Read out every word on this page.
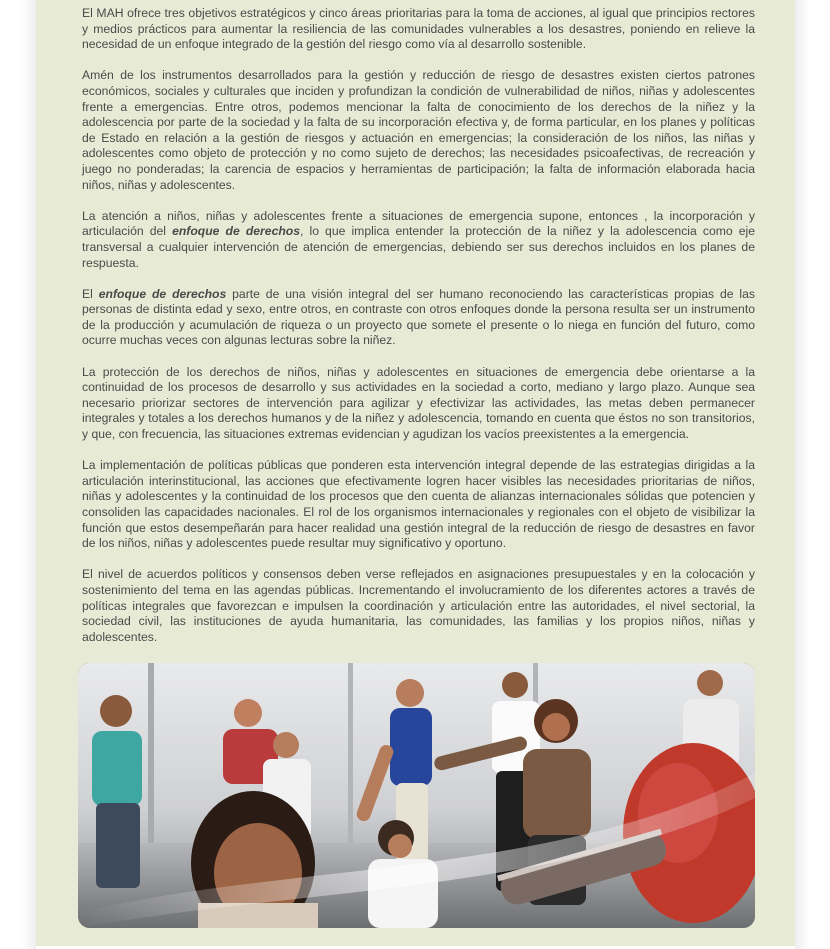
El MAH ofrece tres objetivos estratégicos y cinco áreas prioritarias para la toma de acciones, al igual que principios rectores y medios prácticos para aumentar la resiliencia de las comunidades vulnerables a los desastres, poniendo en relieve la necesidad de un enfoque integrado de la gestión del riesgo como vía al desarrollo sostenible.

Amén de los instrumentos desarrollados para la gestión y reducción de riesgo de desastres existen ciertos patrones económicos, sociales y culturales que inciden y profundizan la condición de vulnerabilidad de niños, niñas y adolescentes frente a emergencias. Entre otros, podemos mencionar la falta de conocimiento de los derechos de la niñez y la adolescencia por parte de la sociedad y la falta de su incorporación efectiva y, de forma particular, en los planes y políticas de Estado en relación a la gestión de riesgos y actuación en emergencias; la consideración de los niños, las niñas y adolescentes como objeto de protección y no como sujeto de derechos; las necesidades psicoafectivas, de recreación y juego no ponderadas; la carencia de espacios y herramientas de participación; la falta de información elaborada hacia niños, niñas y adolescentes.

La atención a niños, niñas y adolescentes frente a situaciones de emergencia supone, entonces , la incorporación y articulación del enfoque de derechos, lo que implica entender la protección de la niñez y la adolescencia como eje transversal a cualquier intervención de atención de emergencias, debiendo ser sus derechos incluidos en los planes de respuesta.

El enfoque de derechos parte de una visión integral del ser humano reconociendo las características propias de las personas de distinta edad y sexo, entre otros, en contraste con otros enfoques donde la persona resulta ser un instrumento de la producción y acumulación de riqueza o un proyecto que somete el presente o lo niega en función del futuro, como ocurre muchas veces con algunas lecturas sobre la niñez.

La protección de los derechos de niños, niñas y adolescentes en situaciones de emergencia debe orientarse a la continuidad de los procesos de desarrollo y sus actividades en la sociedad a corto, mediano y largo plazo. Aunque sea necesario priorizar sectores de intervención para agilizar y efectivizar las actividades, las metas deben permanecer integrales y totales a los derechos humanos y de la niñez y adolescencia, tomando en cuenta que éstos no son transitorios, y que, con frecuencia, las situaciones extremas evidencian y agudizan los vacíos preexistentes a la emergencia.

La implementación de políticas públicas que ponderen esta intervención integral depende de las estrategias dirigidas a la articulación interinstitucional, las acciones que efectivamente logren hacer visibles las necesidades prioritarias de niños, niñas y adolescentes y la continuidad de los procesos que den cuenta de alianzas internacionales sólidas que potencien y consoliden las capacidades nacionales. El rol de los organismos internacionales y regionales con el objeto de visibilizar la función que estos desempeñarán para hacer realidad una gestión integral de la reducción de riesgo de desastres en favor de los niños, niñas y adolescentes puede resultar muy significativo y oportuno.

El nivel de acuerdos políticos y consensos deben verse reflejados en asignaciones presupuestales y en la colocación y sostenimiento del tema en las agendas públicas. Incrementando el involucramiento de los diferentes actores a través de políticas integrales que favorezcan e impulsen la coordinación y articulación entre las autoridades, el nivel sectorial, la sociedad civil, las instituciones de ayuda humanitaria, las comunidades, las familias y los propios niños, niñas y adolescentes.
